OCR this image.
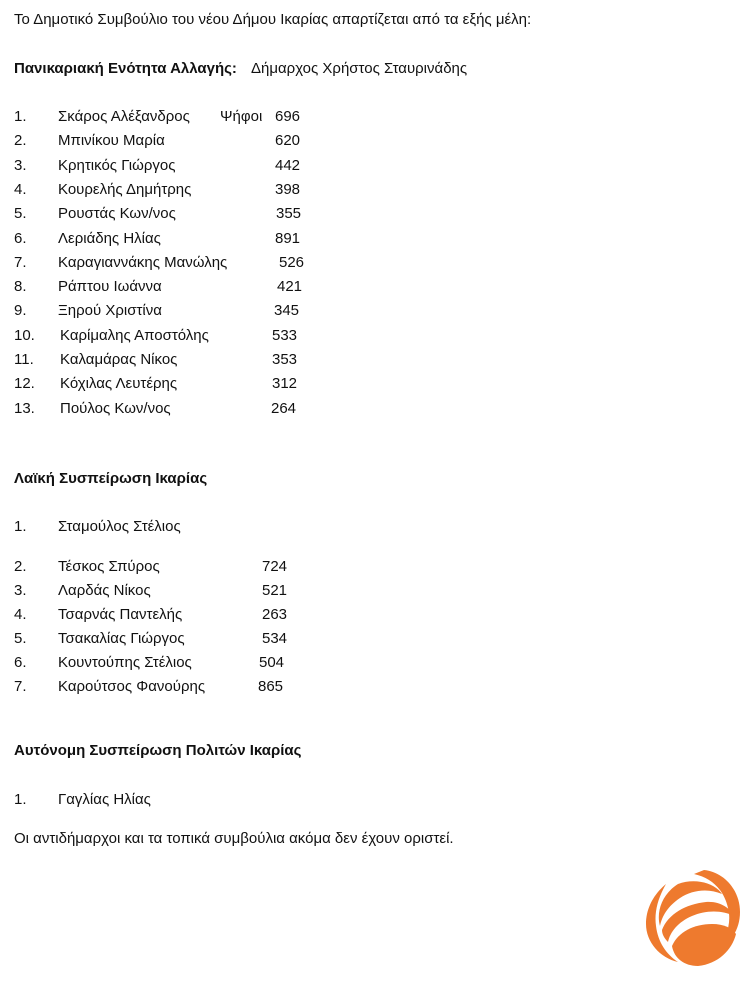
Το Δημοτικό Συμβούλιο του νέου Δήμου Ικαρίας απαρτίζεται από τα εξής μέλη:
Πανικαριακή Ενότητα Αλλαγής: Δήμαρχος Χρήστος Σταυρινάδης
1. Σκάρος Αλέξανδρος	696
2. Μπινίκου Μαρία	620
3. Κρητικός Γιώργος	442
4. Κουρελής Δημήτρης	398
5. Ρουστάς Κων/νος	355
6. Λεριάδης Ηλίας	891
7. Καραγιαννάκης Μανώλης	526
8. Ράπτου Ιωάννα	421
9. Ξηρού Χριστίνα	345
10. Καρίμαλης Αποστόλης	533
11. Καλαμάρας Νίκος	353
12. Κόχιλας Λευτέρης	312
13. Πούλος Κων/νος	264
Ψήφοι
Λαϊκή Συσπείρωση Ικαρίας
1. Σταμούλος Στέλιος
2. Τέσκος Σπύρος	724
3. Λαρδάς Νίκος	521
4. Τσαρνάς Παντελής	263
5. Τσακαλίας Γιώργος	534
6. Κουντούπης Στέλιος	504
7. Καρούτσος Φανούρης	865
Αυτόνομη Συσπείρωση Πολιτών Ικαρίας
1. Γαγλίας Ηλίας
Οι αντιδήμαρχοι και τα τοπικά συμβούλια ακόμα δεν έχουν οριστεί.
